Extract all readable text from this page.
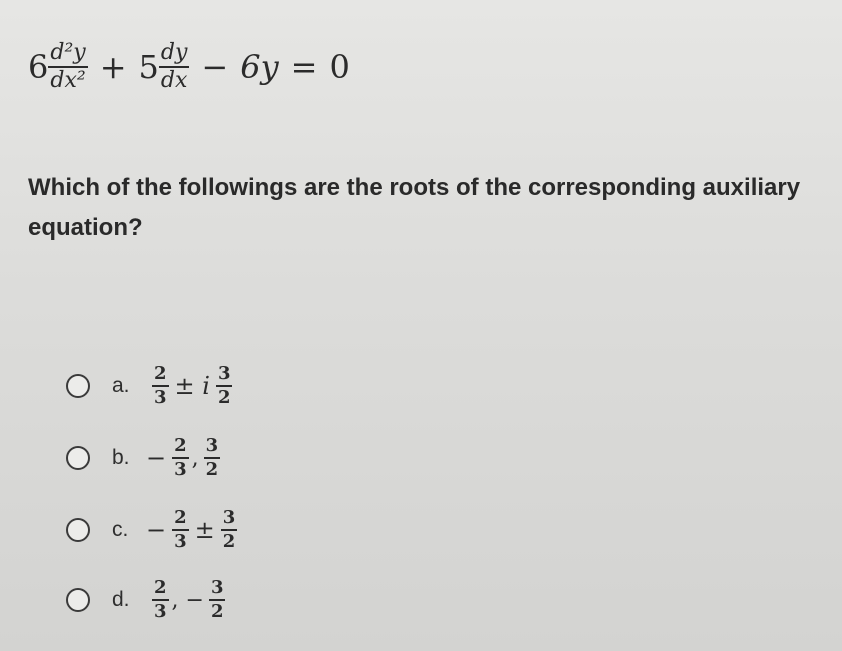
$6 \frac{\text{d²y}}{\text{dx²}} + 5 \frac{dy}{dx} - 6y = 0$
Which of the followings are the roots of the corresponding auxiliary equation?
a.	$\frac{2}{3} \pm i \frac{3}{2}$
b. − $\frac{2}{3}$ , $\frac{3}{2}$
c. − $\frac{2}{3} \pm \frac{3}{2}$
d.	$\frac{2}{3}$ , − $\frac{3}{2}$
